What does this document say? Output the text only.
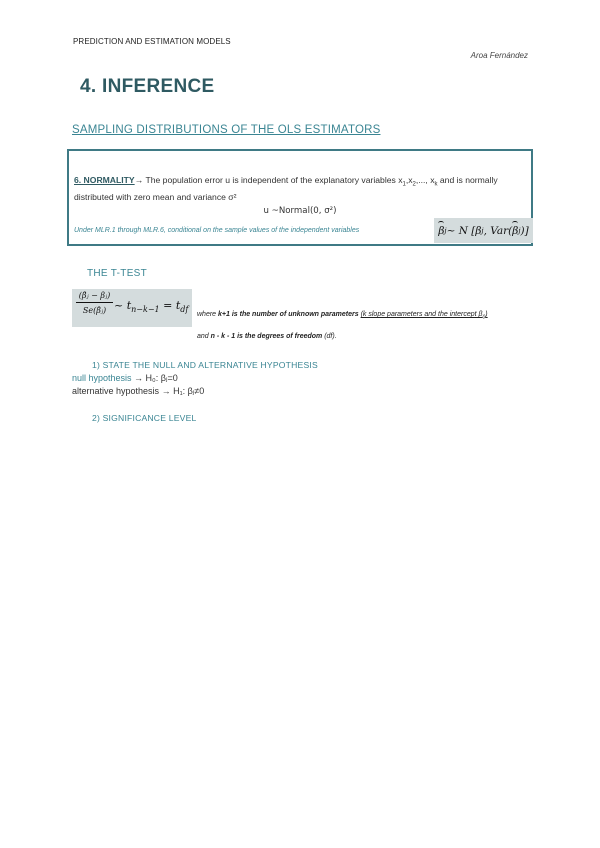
PREDICTION AND ESTIMATION MODELS
Aroa Fernández
4. INFERENCE
SAMPLING DISTRIBUTIONS OF THE OLS ESTIMATORS
6. NORMALITY→ The population error u is independent of the explanatory variables $x_1,x_2$,..., $x_k$ and is normally distributed with zero mean and variance σ²
u ~Normal(0, σ²)
Under MLR.1 through MLR.6, conditional on the sample values of the independent variables	β j ~ N [β j , Var( β j )]
THE T-TEST
$\frac{\text{(β̂ⱼ − βⱼ)}}{\text{Se(β̂ⱼ)}}$ ~ $t_{n-k-1} = t_{df}$
where k+1 is the number of unknown parameters (k slope parameters and the intercept $\beta_0$) and n - k - 1 is the degrees of freedom (df).
1) STATE THE NULL AND ALTERNATIVE HYPOTHESIS
null hypothesis → H₀: βⱼ=0
alternative hypothesis → H₁: βⱼ≠0
2) SIGNIFICANCE LEVEL
